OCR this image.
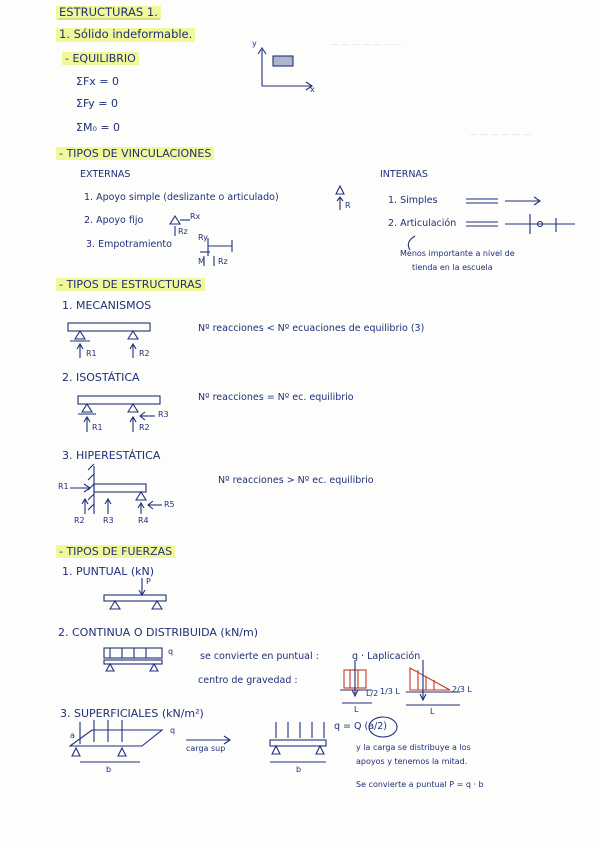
— — — — — — —
— — — — — —
ESTRUCTURAS 1.
1. Sólido indeformable.
- EQUILIBRIO
ΣFx = 0
ΣFy = 0
ΣM₀ = 0
y
x
- TIPOS DE VINCULACIONES
EXTERNAS	INTERNAS
1. Apoyo simple (deslizante o articulado)
R
2. Apoyo fijo	Rx
Rz
3. Empotramiento
Ry
M Rz
1. Simples
2. Articulación
Menos importante a nivel de
tienda en la escuela
- TIPOS DE ESTRUCTURAS
1. MECANISMOS
Nº reacciones < Nº ecuaciones de equilibrio (3)
R1	R2
2. ISOSTÁTICA
Nº reacciones = Nº ec. equilibrio
R1	R2
R3
3. HIPERESTÁTICA
Nº reacciones > Nº ec. equilibrio
R1
R2 R3	R4
R5
- TIPOS DE FUERZAS
1. PUNTUAL (kN)
P
2. CONTINUA O DISTRIBUIDA (kN/m)
q	se convierte en puntual :	q · Laplicación
centro de gravedad :
L/2
L
1/3 L	2/3 L
L
3. SUPERFICIALES (kN/m²)
a
q
b
carga sup
b
q = Q (a/2)
y la carga se distribuye a los
apoyos y tenemos la mitad.
Se convierte a puntual P = q · b
